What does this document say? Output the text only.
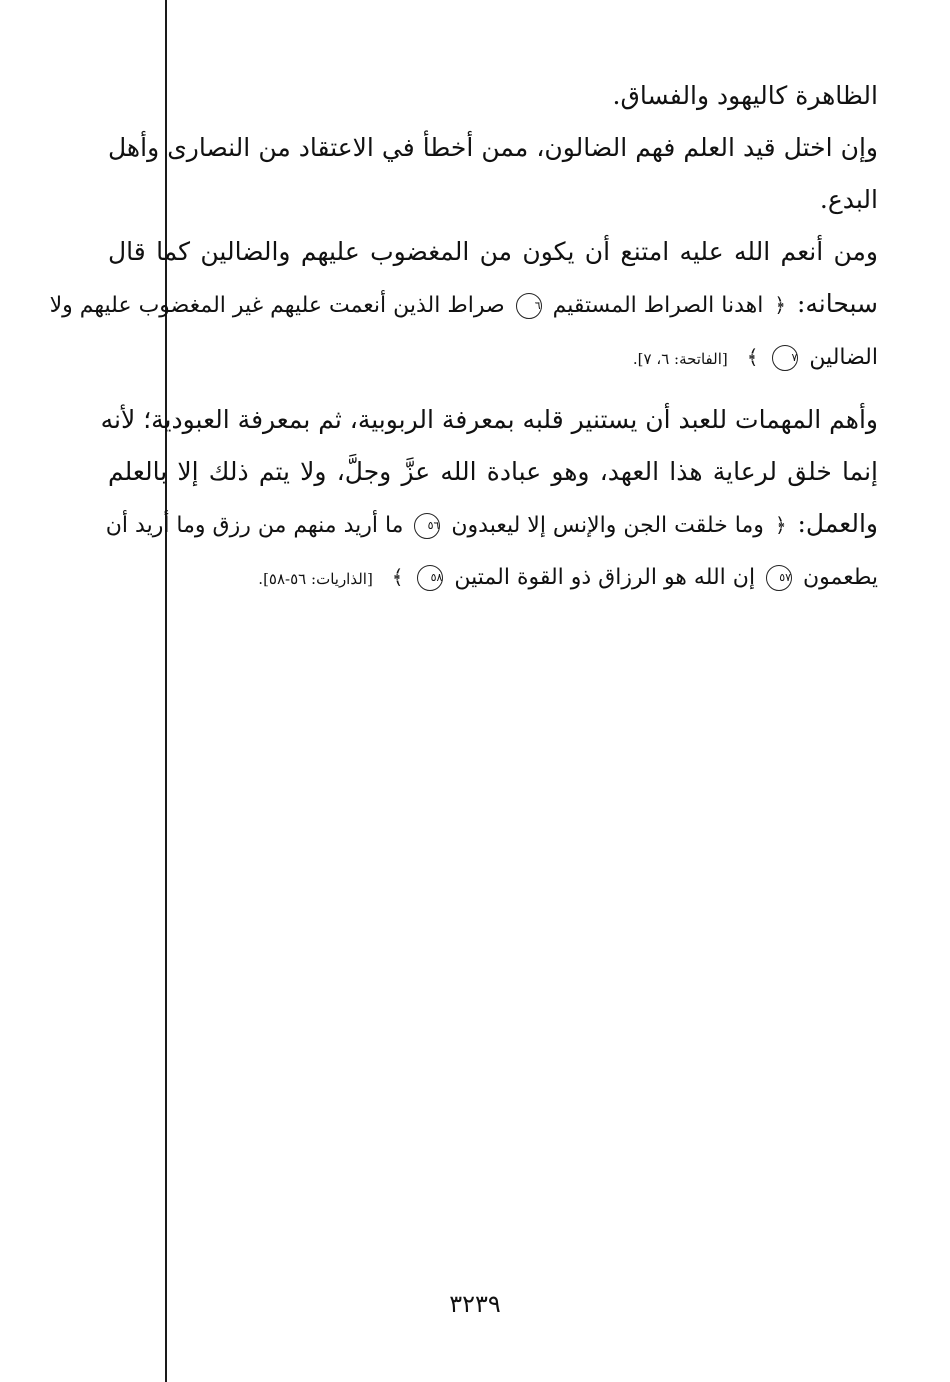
الظاهرة كاليهود والفساق.
وإن اختل قيد العلم فهم الضالون، ممن أخطأ في الاعتقاد من النصارى وأهل
البدع.
ومن أنعم الله عليه امتنع أن يكون من المغضوب عليهم والضالين كما قال
سبحانه: ﴿ اهدنا الصراط المستقيم ٦ صراط الذين أنعمت عليهم غير المغضوب عليهم ولا
الضالين ٧ ﴾ [الفاتحة: ٦، ٧].
وأهم المهمات للعبد أن يستنير قلبه بمعرفة الربوبية، ثم بمعرفة العبودية؛ لأنه
إنما خلق لرعاية هذا العهد، وهو عبادة الله عزَّ وجلَّ، ولا يتم ذلك إلا بالعلم
والعمل: ﴿ وما خلقت الجن والإنس إلا ليعبدون ٥٦ ما أريد منهم من رزق وما أريد أن
يطعمون ٥٧ إن الله هو الرزاق ذو القوة المتين ٥٨ ﴾ [الذاريات: ٥٦-٥٨].
٣٢٣٩
